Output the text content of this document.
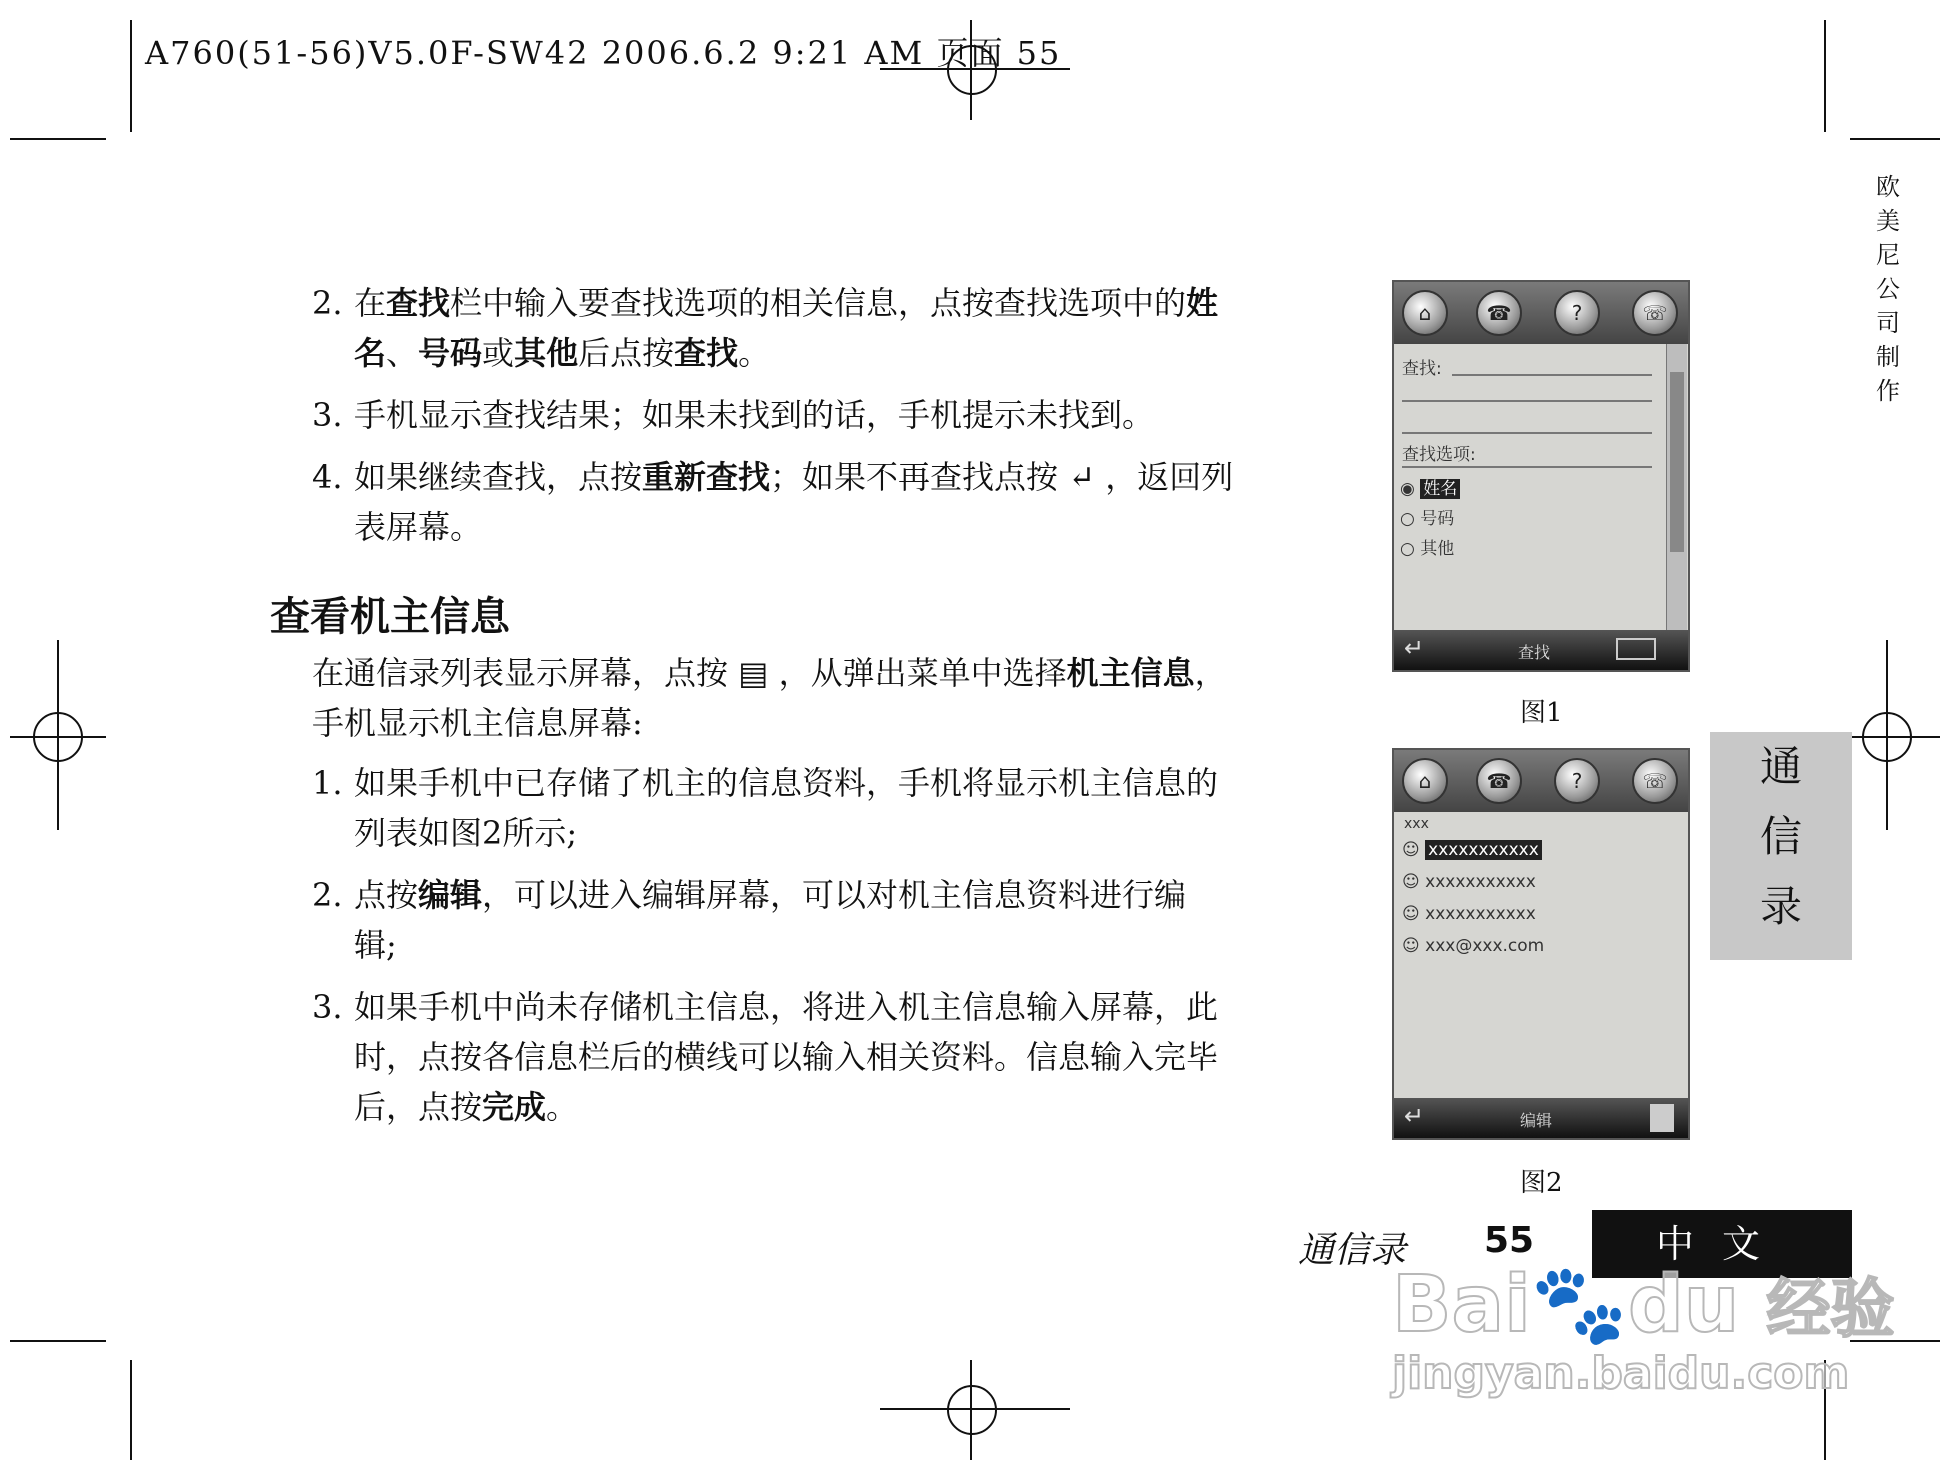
A760(51-56)V5.0F-SW42 2006.6.2 9:21 AM 页面 55
欧
美
尼
公
司
制
作
2. 在查找栏中输入要查找选项的相关信息，点按查找选项中的姓
名、号码或其他后点按查找。
3. 手机显示查找结果；如果未找到的话，手机提示未找到。
4. 如果继续查找，点按重新查找；如果不再查找点按 ↵ ，返回列
表屏幕。
查看机主信息
在通信录列表显示屏幕，点按 ▤ ，从弹出菜单中选择机主信息，
手机显示机主信息屏幕:
1. 如果手机中已存储了机主的信息资料，手机将显示机主信息的
列表如图2所示;
2. 点按编辑，可以进入编辑屏幕，可以对机主信息资料进行编
辑;
3. 如果手机中尚未存储机主信息，将进入机主信息输入屏幕，此
时，点按各信息栏后的横线可以输入相关资料。信息输入完毕
后，点按完成。
⌂	☎	?	☏
查找:
查找选项:
◉ 姓名
○ 号码
○ 其他
↵	查找
图1
⌂	☎	?	☏
xxx
☺ xxxxxxxxxxx
☺ xxxxxxxxxxx
☺ xxxxxxxxxxx
☺ xxx@xxx.com
↵	编辑
图2
通
信
录
通信录 55	中文
Bai🐾du 经验
jingyan.baidu.com
